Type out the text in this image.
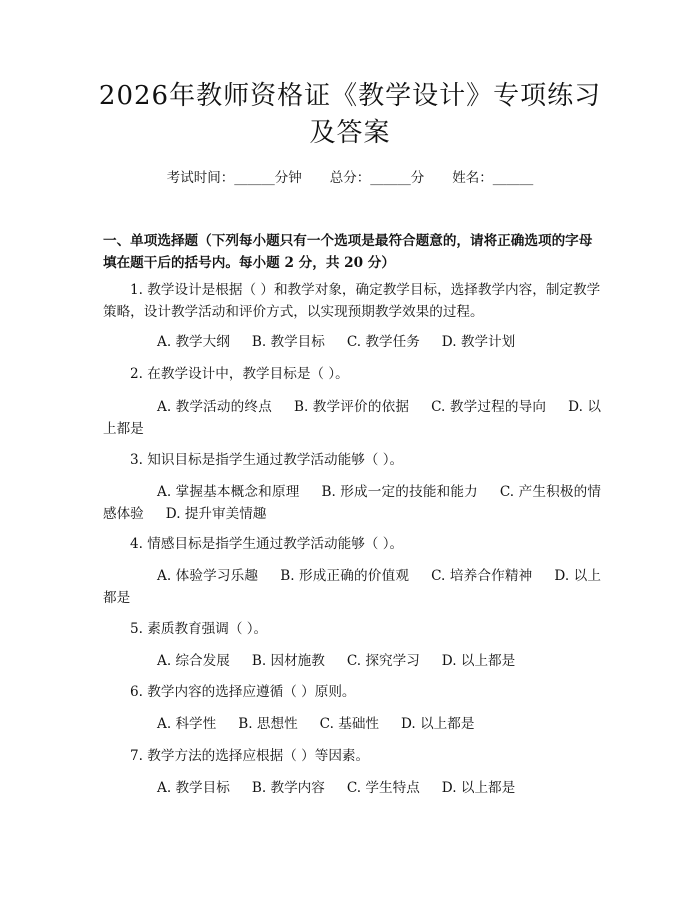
2026年教师资格证《教学设计》专项练习及答案
考试时间：______分钟 总分：______分 姓名：______
一、单项选择题（下列每小题只有一个选项是最符合题意的，请将正确选项的字母填在题干后的括号内。每小题 2 分，共 20 分）
1. 教学设计是根据（ ）和教学对象，确定教学目标，选择教学内容，制定教学策略，设计教学活动和评价方式，以实现预期教学效果的过程。
A. 教学大纲 B. 教学目标 C. 教学任务 D. 教学计划
2. 在教学设计中，教学目标是（ ）。
A. 教学活动的终点 B. 教学评价的依据 C. 教学过程的导向 D. 以上都是
3. 知识目标是指学生通过教学活动能够（ ）。
A. 掌握基本概念和原理 B. 形成一定的技能和能力 C. 产生积极的情感体验 D. 提升审美情趣
4. 情感目标是指学生通过教学活动能够（ ）。
A. 体验学习乐趣 B. 形成正确的价值观 C. 培养合作精神 D. 以上都是
5. 素质教育强调（ ）。
A. 综合发展 B. 因材施教 C. 探究学习 D. 以上都是
6. 教学内容的选择应遵循（ ）原则。
A. 科学性 B. 思想性 C. 基础性 D. 以上都是
7. 教学方法的选择应根据（ ）等因素。
A. 教学目标 B. 教学内容 C. 学生特点 D. 以上都是
